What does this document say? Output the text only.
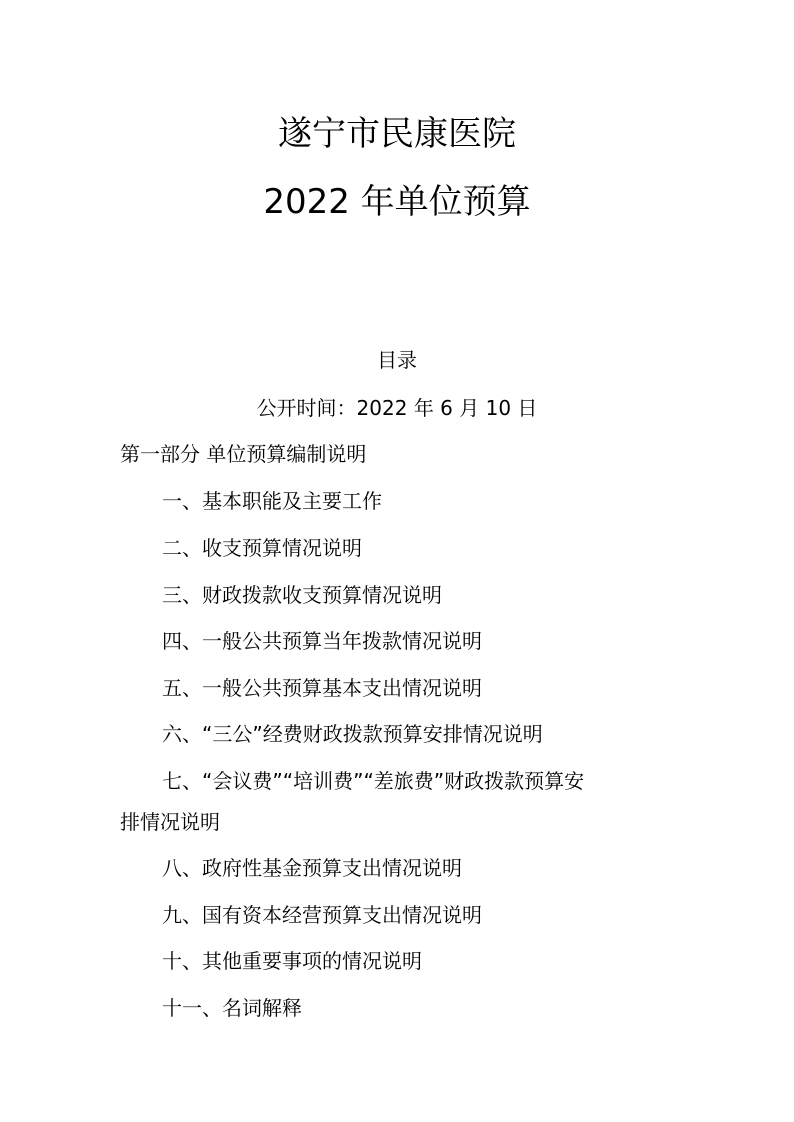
遂宁市民康医院
2022 年单位预算
目录
公开时间：2022 年 6 月 10 日
第一部分 单位预算编制说明
一、基本职能及主要工作
二、收支预算情况说明
三、财政拨款收支预算情况说明
四、一般公共预算当年拨款情况说明
五、一般公共预算基本支出情况说明
六、“三公”经费财政拨款预算安排情况说明
七、“会议费”“培训费”“差旅费”财政拨款预算安
排情况说明
八、政府性基金预算支出情况说明
九、国有资本经营预算支出情况说明
十、其他重要事项的情况说明
十一、名词解释
